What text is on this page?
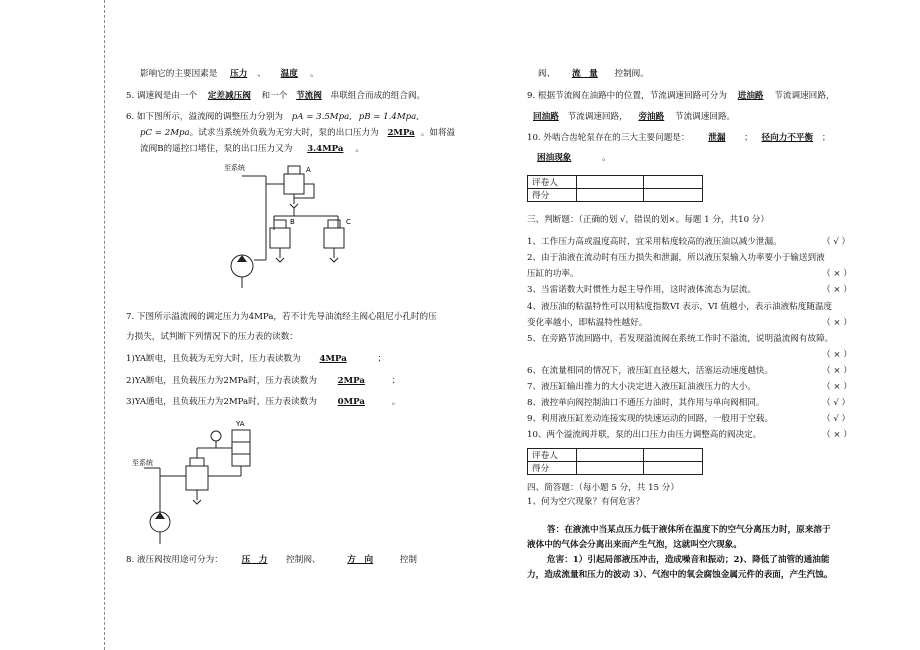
影响它的主要因素是 压力 、 温度 。
5. 调速阀是由一个 定差减压阀 和一个 节流阀 串联组合而成的组合阀。
6. 如下图所示，溢流阀的调整压力分别为 pA = 3.5Mpa, pB = 1.4Mpa,
pC = 2Mpa。试求当系统外负载为无穷大时，泵的出口压力为 2MPa 。如将溢
流阀B的遥控口堵住，泵的出口压力又为 3.4MPa 。
至系统	A
B	C
7. 下图所示溢流阀的调定压力为4MPa，若不计先导油流经主阀心阻尼小孔时的压
力损失，试判断下列情况下的压力表的读数：
1)YA断电，且负载为无穷大时，压力表读数为 4MPa	；
2)YA断电，且负载压力为2MPa时，压力表读数为 2MPa	；
3)YA通电，且负载压力为2MPa时，压力表读数为 0MPa	。
至系统
YA
8. 液压阀按用途可分为： 压　力 控制阀、	方　向	控制
阀、 流　量 控制阀。
9. 根据节流阀在油路中的位置，节流调速回路可分为 进油路 节流调速回路，
回油路 节流调速回路， 旁油路 节流调速回路。
10. 外啮合齿轮泵存在的三大主要问题是： 泄漏 ； 径向力不平衡 ；
困油现象	。
评卷人		
得分		
三、判断题：（正确的划 √，错误的划×。每题 1 分，共10 分）
1、工作压力高或温度高时，宜采用粘度较高的液压油以减少泄漏。	（ √ ）
2、由于油液在流动时有压力损失和泄漏，所以液压泵输入功率要小于输送到液
压缸的功率。	（ × ）
3、当雷诺数大时惯性力起主导作用，这时液体流态为层流。	（ × ）
4、液压油的粘温特性可以用粘度指数VI 表示，VI 值越小，表示油液粘度随温度
变化率越小，即粘温特性越好。	（ × ）
5、在旁路节流回路中，若发现溢流阀在系统工作时不溢流，说明溢流阀有故障。
（ × ）
6、在流量相同的情况下，液压缸直径越大，活塞运动速度越快。	（ × ）
7、液压缸输出推力的大小决定进入液压缸油液压力的大小。	（ × ）
8、液控单向阀控制油口不通压力油时，其作用与单向阀相同。	（ √ ）
9、利用液压缸差动连接实现的快速运动的回路，一般用于空载。	（ √ ）
10、两个溢流阀并联，泵的出口压力由压力调整高的阀决定。	（ × ）
评卷人		
得分		
四、简答题：（每小题 5 分，共 15 分）
1、何为空穴现象？有何危害？
答：在液流中当某点压力低于液体所在温度下的空气分离压力时，原来溶于
液体中的气体会分离出来而产生气泡，这就叫空穴现象。
危害：1）引起局部液压冲击，造成噪音和振动；2)、降低了油管的通油能
力，造成流量和压力的波动 3）、气泡中的氧会腐蚀金属元件的表面，产生汽蚀。
